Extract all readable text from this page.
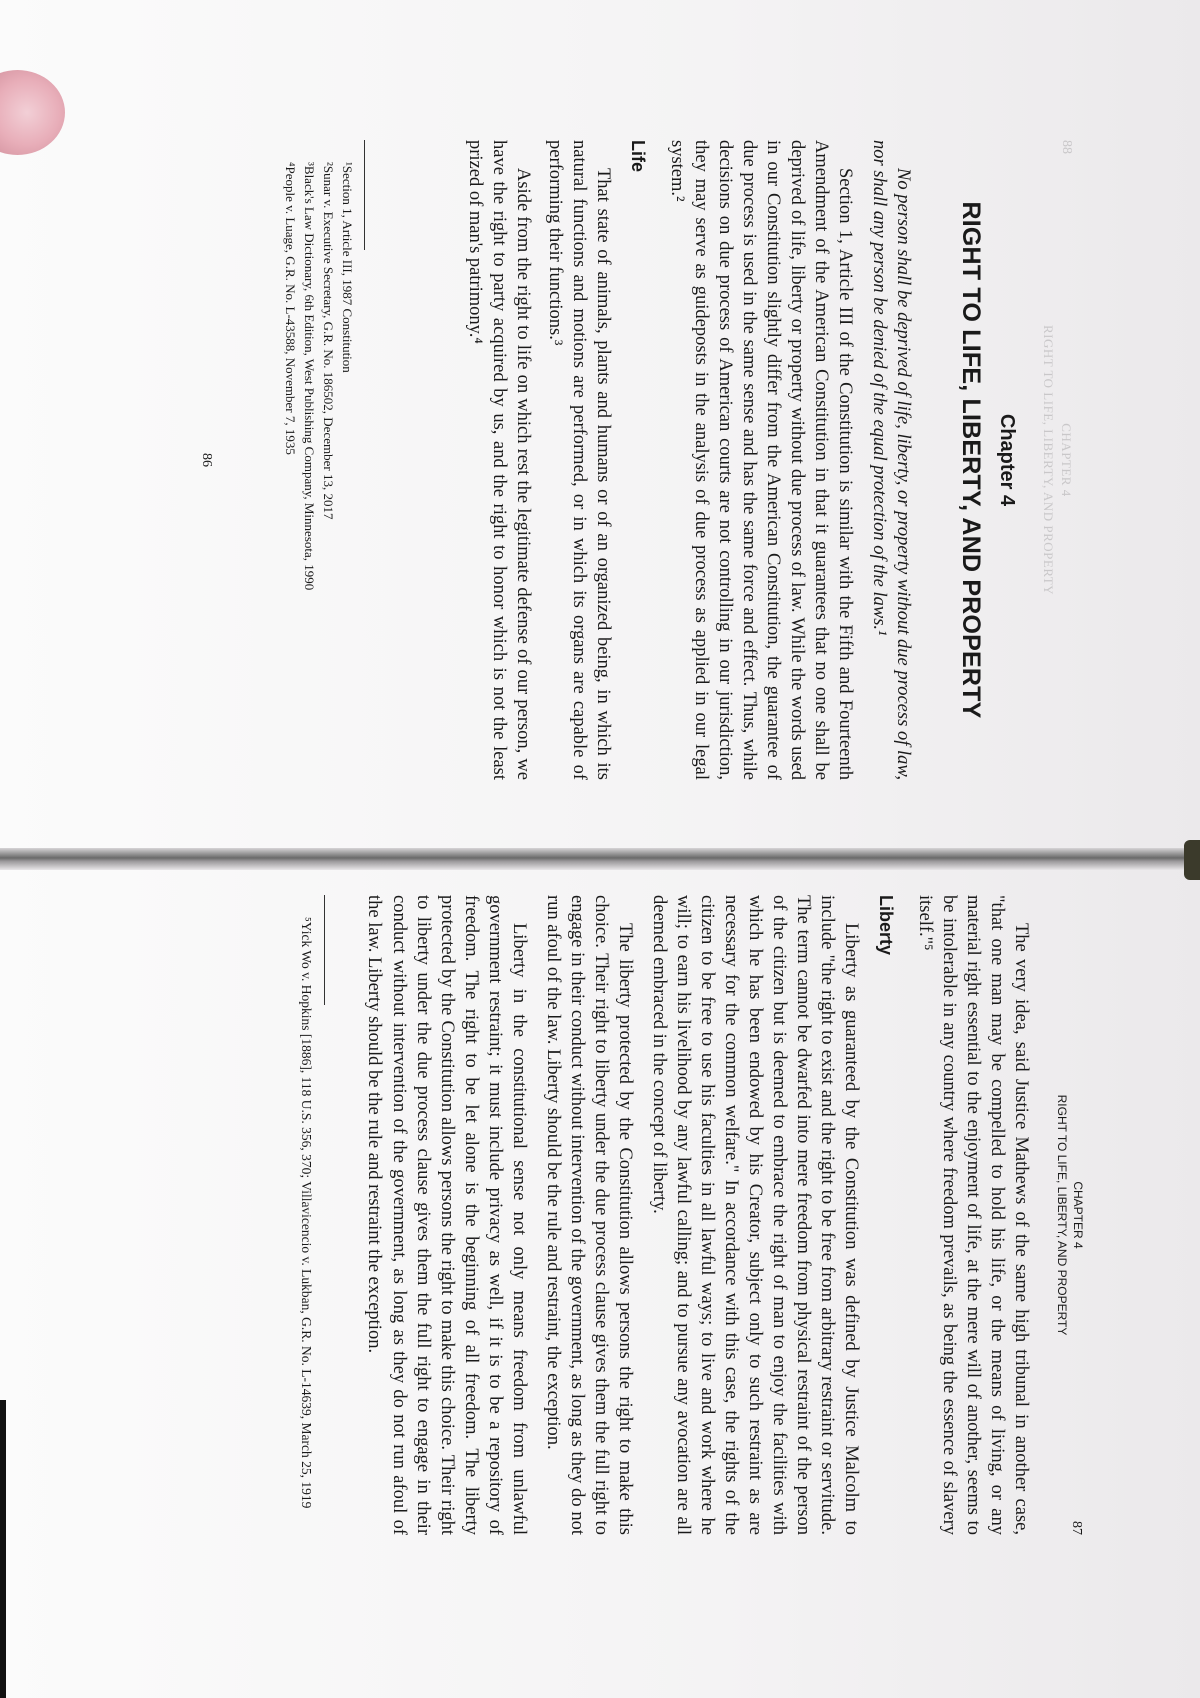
CHAPTER 4
RIGHT TO LIFE, LIBERTY, AND PROPERTY
88
Chapter 4
RIGHT TO LIFE, LIBERTY, AND PROPERTY

No person shall be deprived of life, liberty, or property without due process of law, nor shall any person be denied of the equal protection of the laws.¹

Section 1, Article III of the Constitution is similar with the Fifth and Fourteenth Amendment of the American Constitution in that it guarantees that no one shall be deprived of life, liberty or property without due process of law. While the words used in our Constitution slightly differ from the American Constitution, the guarantee of due process is used in the same sense and has the same force and effect. Thus, while decisions on due process of American courts are not controlling in our jurisdiction, they may serve as guideposts in the analysis of due process as applied in our legal system.²

Life

That state of animals, plants and humans or of an organized being, in which its natural functions and motions are performed, or in which its organs are capable of performing their functions.³

Aside from the right to life on which rest the legitimate defense of our person, we have the right to party acquired by us, and the right to honor which is not the least prized of man's patrimony.⁴

¹Section 1, Article III, 1987 Constitution
²Sunar v. Executive Secretary, G.R. No. 186502, December 13, 2017
³Black's Law Dictionary, 6th Edition, West Publishing Company, Minnesota, 1990
⁴People v. Luage, G.R. No. L-43588, November 7, 1935
86
CHAPTER 4
RIGHT TO LIFE, LIBERTY, AND PROPERTY
87

The very idea, said Justice Mathews of the same high tribunal in another case, "that one man may be compelled to hold his life, or the means of living, or any material right essential to the enjoyment of life, at the mere will of another, seems to be intolerable in any country where freedom prevails, as being the essence of slavery itself."⁵

Liberty

Liberty as guaranteed by the Constitution was defined by Justice Malcolm to include "the right to exist and the right to be free from arbitrary restraint or servitude. The term cannot be dwarfed into mere freedom from physical restraint of the person of the citizen but is deemed to embrace the right of man to enjoy the facilities with which he has been endowed by his Creator, subject only to such restraint as are necessary for the common welfare." In accordance with this case, the rights of the citizen to be free to use his faculties in all lawful ways; to live and work where he will; to earn his livelihood by any lawful calling; and to pursue any avocation are all deemed embraced in the concept of liberty.

The liberty protected by the Constitution allows persons the right to make this choice. Their right to liberty under the due process clause gives them the full right to engage in their conduct without intervention of the government, as long as they do not run afoul of the law. Liberty should be the rule and restraint, the exception.

Liberty in the constitutional sense not only means freedom from unlawful government restraint; it must include privacy as well, if it is to be a repository of freedom. The right to be let alone is the beginning of all freedom. The liberty protected by the Constitution allows persons the right to make this choice. Their right to liberty under the due process clause gives them the full right to engage in their conduct without intervention of the government, as long as they do not run afoul of the law. Liberty should be the rule and restraint the exception.

⁵Yick Wo v. Hopkins [1886], 118 U.S. 356, 370; Villavicencio v. Lukban, G.R. No. L-14639, March 25, 1919
